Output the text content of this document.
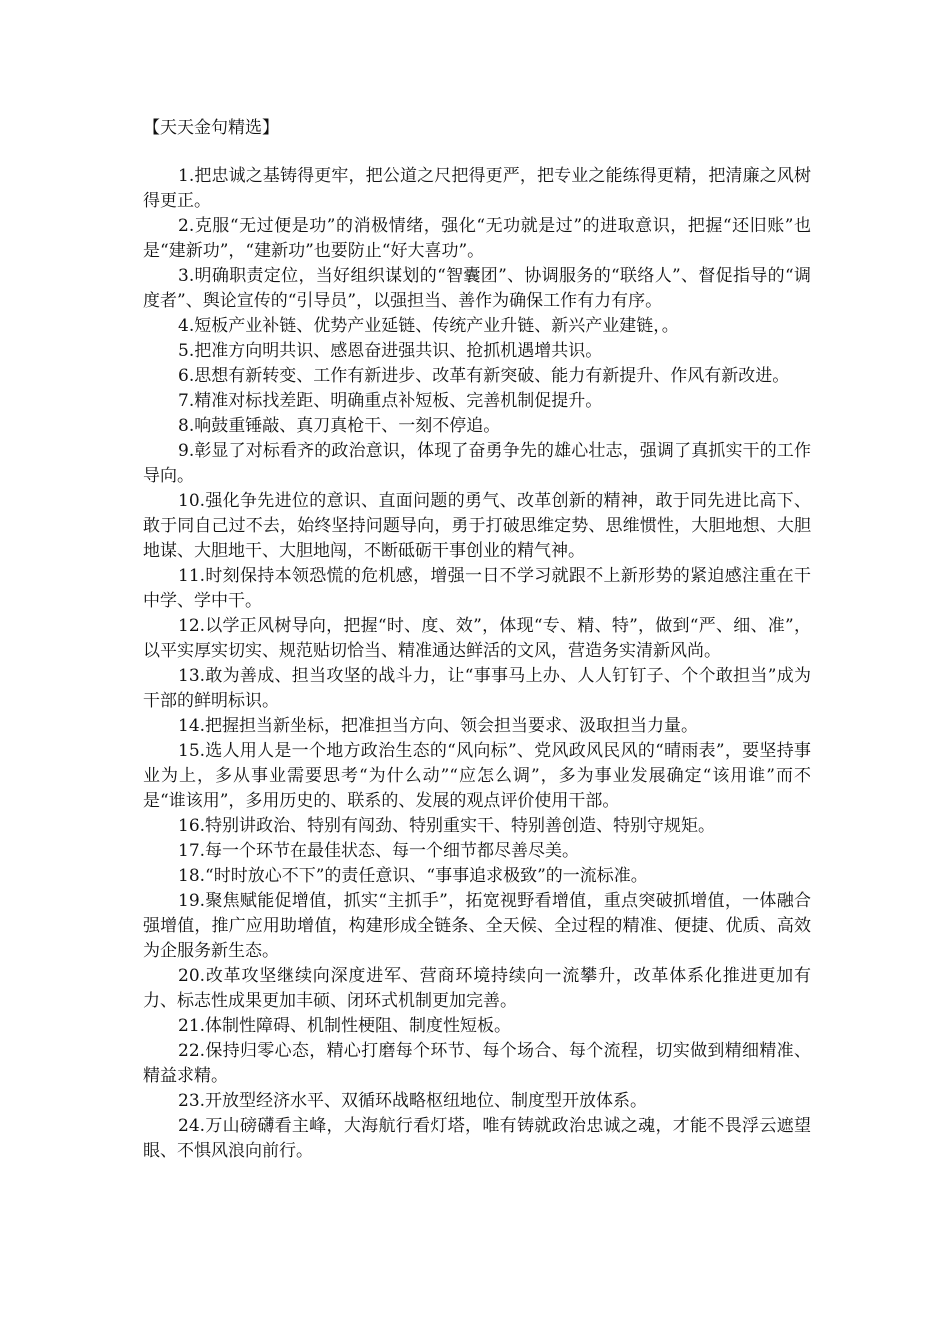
【天天金句精选】

1.把忠诚之基铸得更牢，把公道之尺把得更严，把专业之能练得更精，把清廉之风树得更正。

2.克服“无过便是功”的消极情绪，强化“无功就是过”的进取意识，把握“还旧账”也是“建新功”，“建新功”也要防止“好大喜功”。

3.明确职责定位，当好组织谋划的“智囊团”、协调服务的“联络人”、督促指导的“调度者”、舆论宣传的“引导员”，以强担当、善作为确保工作有力有序。

4.短板产业补链、优势产业延链、传统产业升链、新兴产业建链，。

5.把准方向明共识、感恩奋进强共识、抢抓机遇增共识。

6.思想有新转变、工作有新进步、改革有新突破、能力有新提升、作风有新改进。

7.精准对标找差距、明确重点补短板、完善机制促提升。

8.响鼓重锤敲、真刀真枪干、一刻不停追。

9.彰显了对标看齐的政治意识，体现了奋勇争先的雄心壮志，强调了真抓实干的工作导向。

10.强化争先进位的意识、直面问题的勇气、改革创新的精神，敢于同先进比高下、敢于同自己过不去，始终坚持问题导向，勇于打破思维定势、思维惯性，大胆地想、大胆地谋、大胆地干、大胆地闯，不断砥砺干事创业的精气神。

11.时刻保持本领恐慌的危机感，增强一日不学习就跟不上新形势的紧迫感注重在干中学、学中干。

12.以学正风树导向，把握“时、度、效”，体现“专、精、特”，做到“严、细、准”，以平实厚实切实、规范贴切恰当、精准通达鲜活的文风，营造务实清新风尚。

13.敢为善成、担当攻坚的战斗力，让“事事马上办、人人钉钉子、个个敢担当”成为干部的鲜明标识。

14.把握担当新坐标，把准担当方向、领会担当要求、汲取担当力量。

15.选人用人是一个地方政治生态的“风向标”、党风政风民风的“晴雨表”，要坚持事业为上，多从事业需要思考“为什么动”“应怎么调”，多为事业发展确定“该用谁”而不是“谁该用”，多用历史的、联系的、发展的观点评价使用干部。

16.特别讲政治、特别有闯劲、特别重实干、特别善创造、特别守规矩。

17.每一个环节在最佳状态、每一个细节都尽善尽美。

18.“时时放心不下”的责任意识、“事事追求极致”的一流标准。

19.聚焦赋能促增值，抓实“主抓手”，拓宽视野看增值，重点突破抓增值，一体融合强增值，推广应用助增值，构建形成全链条、全天候、全过程的精准、便捷、优质、高效为企服务新生态。

20.改革攻坚继续向深度进军、营商环境持续向一流攀升，改革体系化推进更加有力、标志性成果更加丰硕、闭环式机制更加完善。

21.体制性障碍、机制性梗阻、制度性短板。

22.保持归零心态，精心打磨每个环节、每个场合、每个流程，切实做到精细精准、精益求精。

23.开放型经济水平、双循环战略枢纽地位、制度型开放体系。

24.万山磅礴看主峰，大海航行看灯塔，唯有铸就政治忠诚之魂，才能不畏浮云遮望眼、不惧风浪向前行。
